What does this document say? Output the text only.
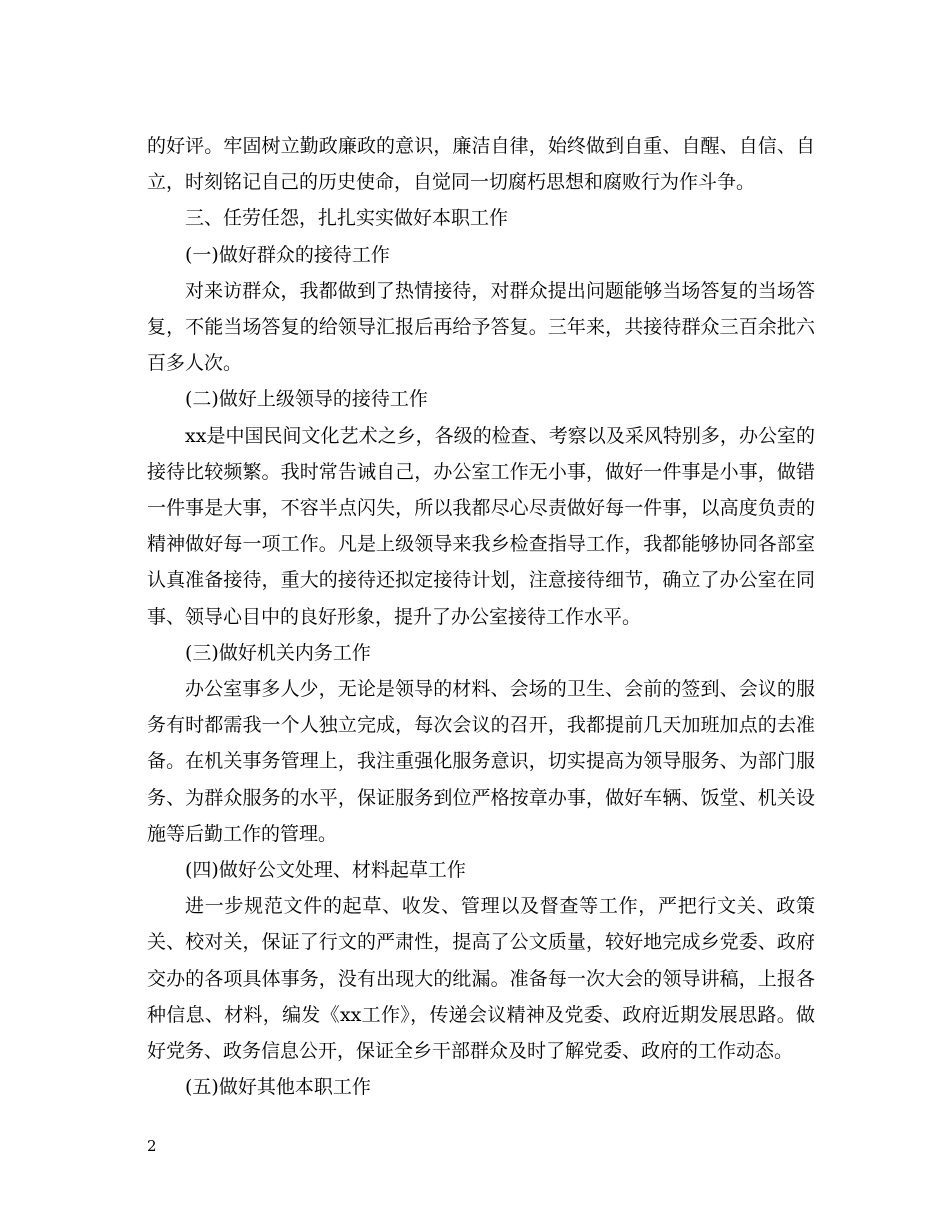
的好评。牢固树立勤政廉政的意识，廉洁自律，始终做到自重、自醒、自信、自立，时刻铭记自己的历史使命，自觉同一切腐朽思想和腐败行为作斗争。

三、任劳任怨，扎扎实实做好本职工作

(一)做好群众的接待工作

对来访群众，我都做到了热情接待，对群众提出问题能够当场答复的当场答复，不能当场答复的给领导汇报后再给予答复。三年来，共接待群众三百余批六百多人次。

(二)做好上级领导的接待工作

xx是中国民间文化艺术之乡，各级的检查、考察以及采风特别多，办公室的接待比较频繁。我时常告诫自己，办公室工作无小事，做好一件事是小事，做错一件事是大事，不容半点闪失，所以我都尽心尽责做好每一件事，以高度负责的精神做好每一项工作。凡是上级领导来我乡检查指导工作，我都能够协同各部室认真准备接待，重大的接待还拟定接待计划，注意接待细节，确立了办公室在同事、领导心目中的良好形象，提升了办公室接待工作水平。

(三)做好机关内务工作

办公室事多人少，无论是领导的材料、会场的卫生、会前的签到、会议的服务有时都需我一个人独立完成，每次会议的召开，我都提前几天加班加点的去准备。在机关事务管理上，我注重强化服务意识，切实提高为领导服务、为部门服务、为群众服务的水平，保证服务到位严格按章办事，做好车辆、饭堂、机关设施等后勤工作的管理。

(四)做好公文处理、材料起草工作

进一步规范文件的起草、收发、管理以及督查等工作，严把行文关、政策关、校对关，保证了行文的严肃性，提高了公文质量，较好地完成乡党委、政府交办的各项具体事务，没有出现大的纰漏。准备每一次大会的领导讲稿，上报各种信息、材料，编发《xx工作》，传递会议精神及党委、政府近期发展思路。做好党务、政务信息公开，保证全乡干部群众及时了解党委、政府的工作动态。

(五)做好其他本职工作

2
